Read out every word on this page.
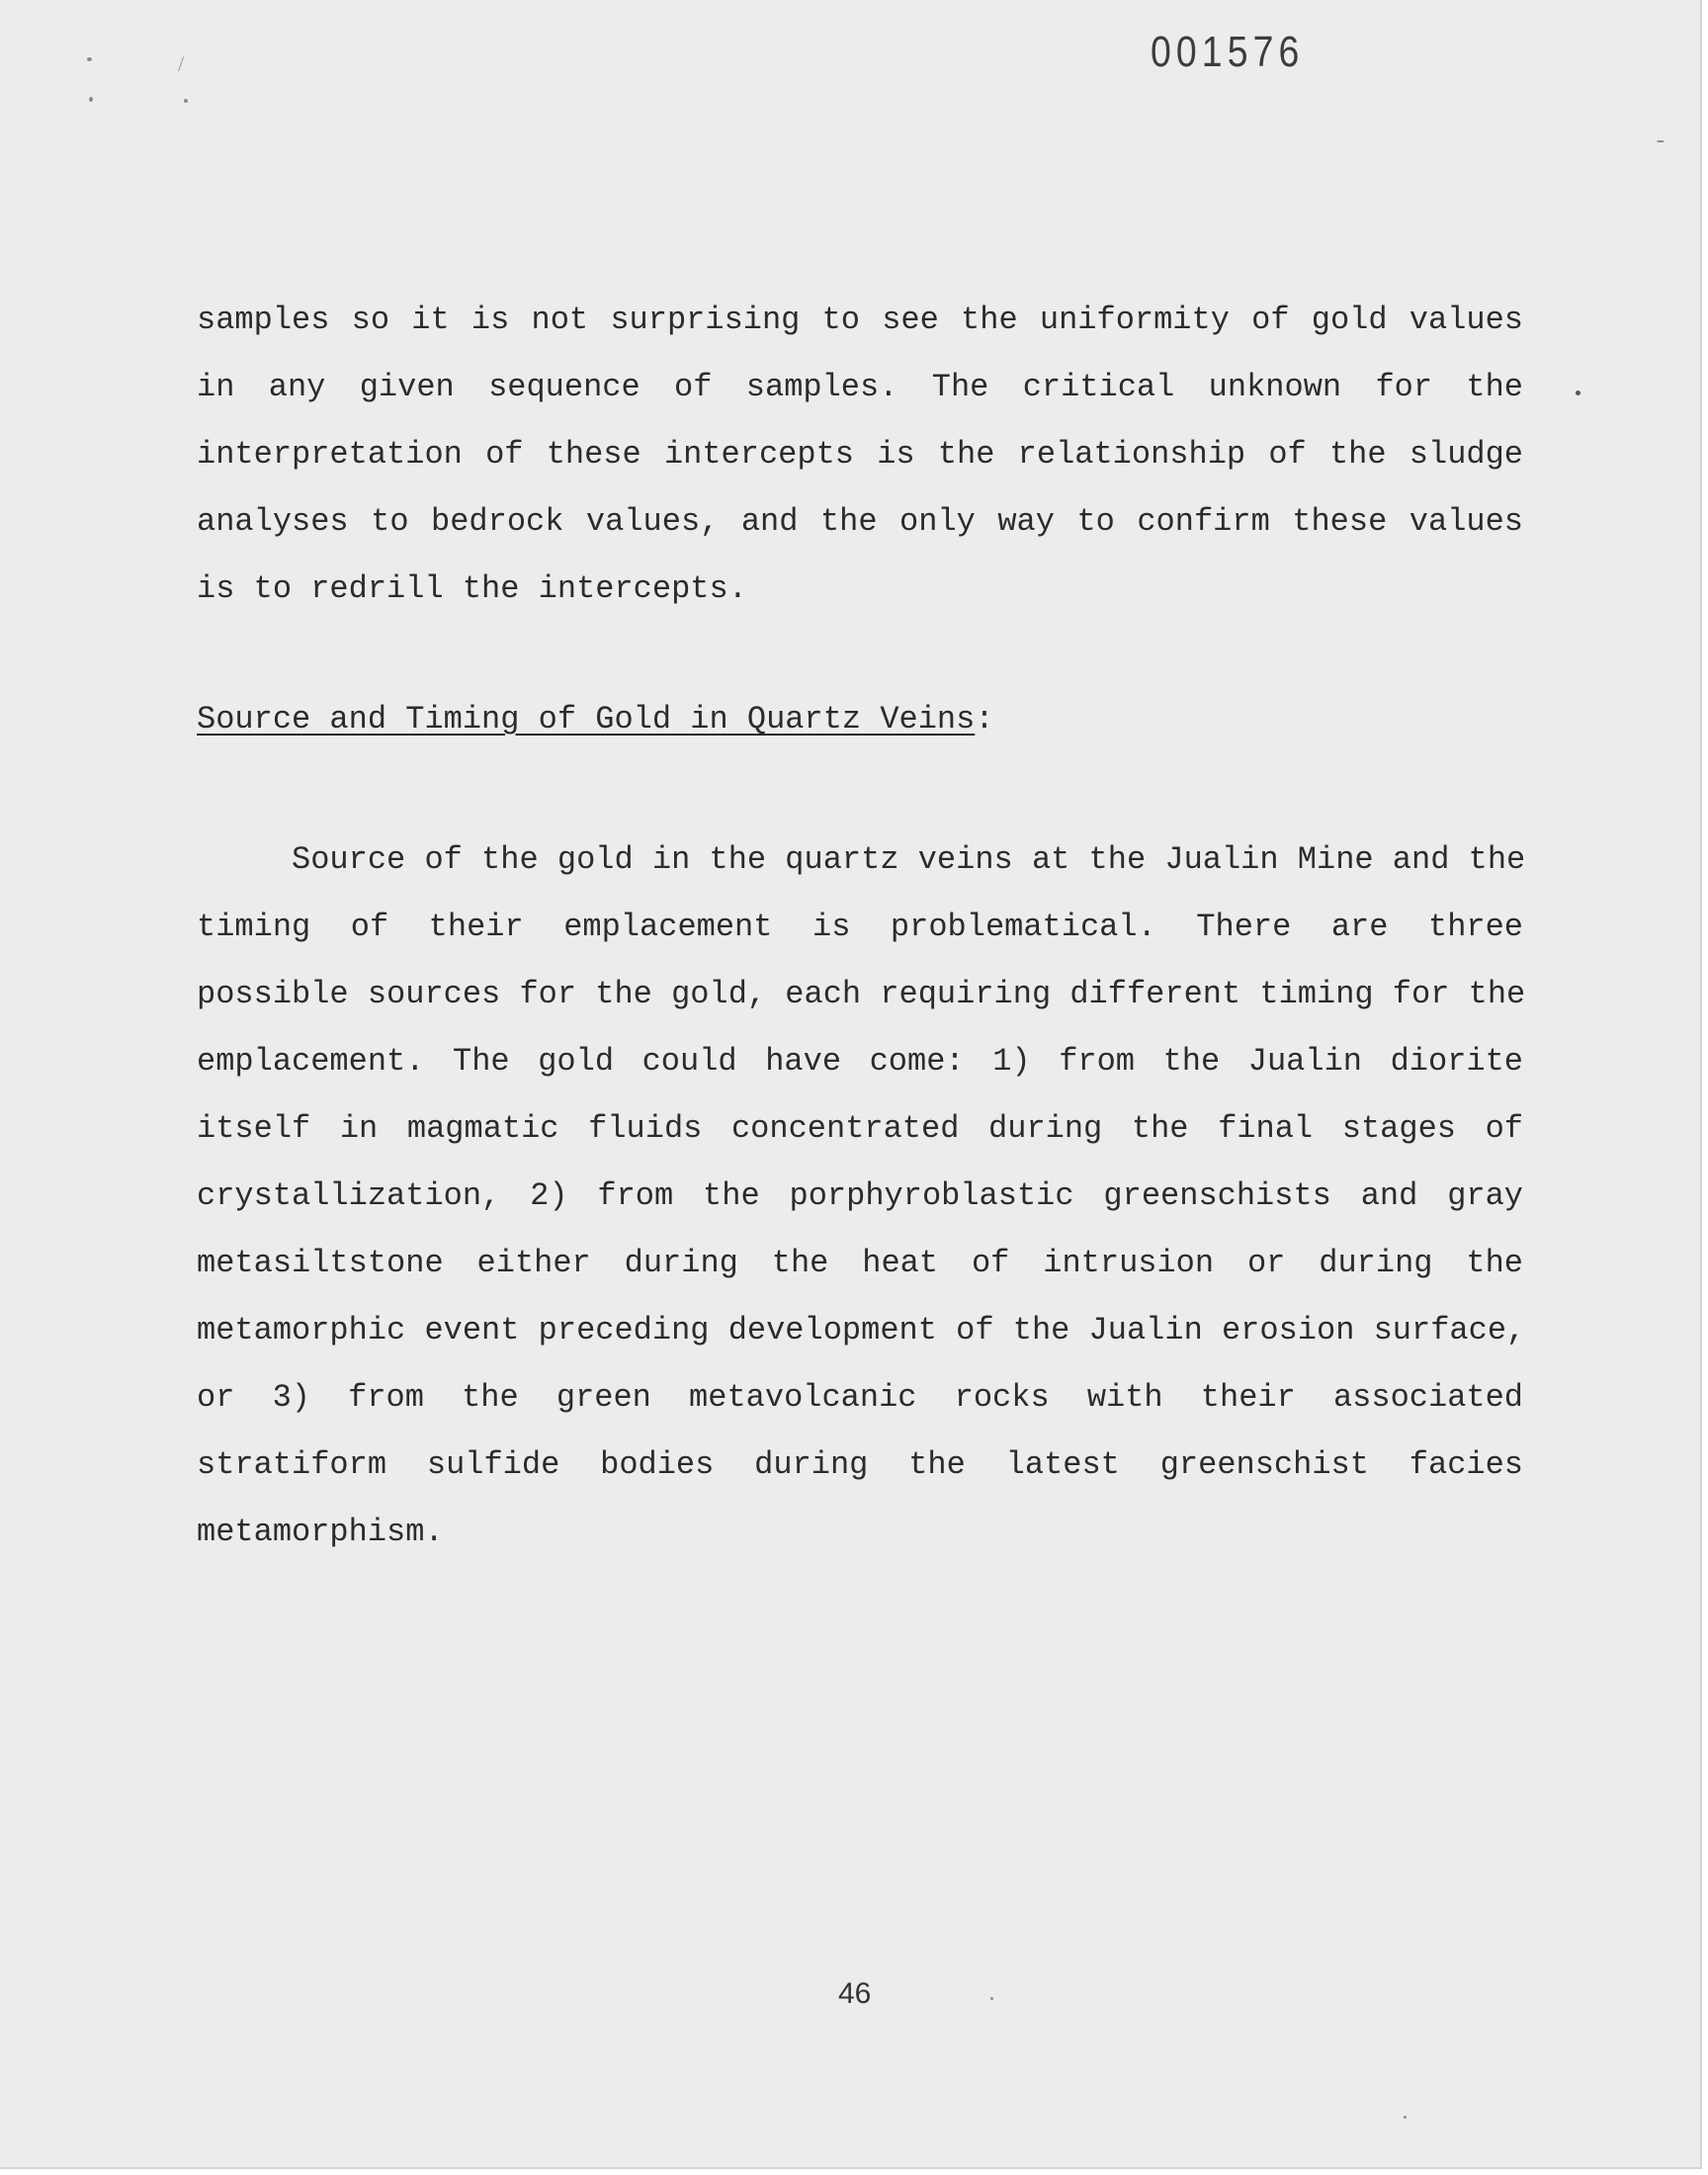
001576
/
samples so it is not surprising to see the uniformity of gold values
in any given sequence of samples. The critical unknown for the
interpretation of these intercepts is the relationship of the sludge
analyses to bedrock values, and the only way to confirm these values
is to redrill the intercepts.
Source and Timing of Gold in Quartz Veins:
Source of the gold in the quartz veins at the Jualin Mine and the
timing of their emplacement is problematical. There are three
possible sources for the gold, each requiring different timing for the
emplacement. The gold could have come: 1) from the Jualin diorite
itself in magmatic fluids concentrated during the final stages of
crystallization, 2) from the porphyroblastic greenschists and gray
metasiltstone either during the heat of intrusion or during the
metamorphic event preceding development of the Jualin erosion surface,
or 3) from the green metavolcanic rocks with their associated
stratiform sulfide bodies during the latest greenschist facies
metamorphism.
46
